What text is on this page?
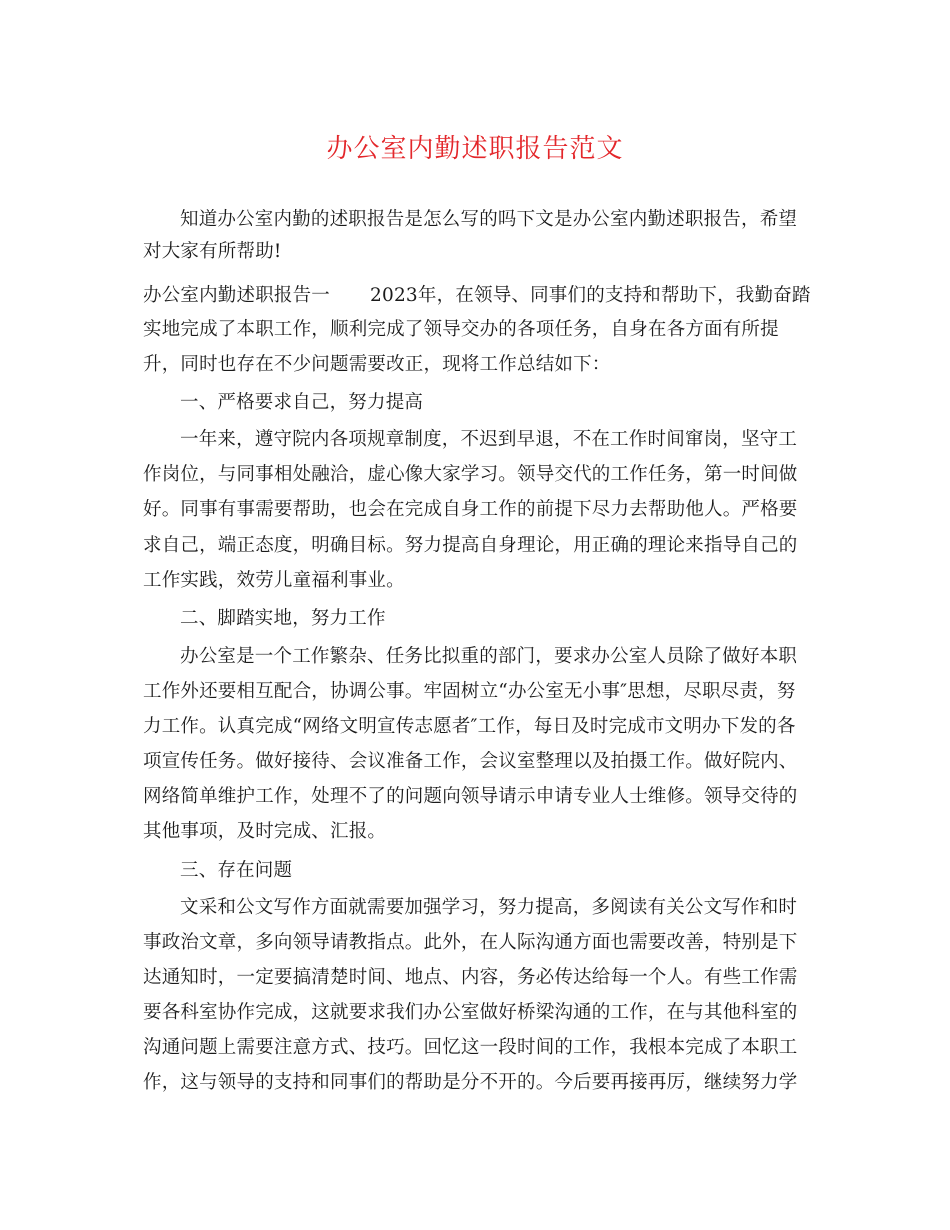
办公室内勤述职报告范文

知道办公室内勤的述职报告是怎么写的吗下文是办公室内勤述职报告，希望

对大家有所帮助!

办公室内勤述职报告一 2023年，在领导、同事们的支持和帮助下，我勤奋踏

实地完成了本职工作，顺利完成了领导交办的各项任务，自身在各方面有所提

升，同时也存在不少问题需要改正，现将工作总结如下：

一、严格要求自己，努力提高

一年来，遵守院内各项规章制度，不迟到早退，不在工作时间窜岗，坚守工

作岗位，与同事相处融洽，虚心像大家学习。领导交代的工作任务，第一时间做

好。同事有事需要帮助，也会在完成自身工作的前提下尽力去帮助他人。严格要

求自己，端正态度，明确目标。努力提高自身理论，用正确的理论来指导自己的

工作实践，效劳儿童福利事业。

二、脚踏实地，努力工作

办公室是一个工作繁杂、任务比拟重的部门，要求办公室人员除了做好本职

工作外还要相互配合，协调公事。牢固树立“办公室无小事″思想，尽职尽责，努

力工作。认真完成“网络文明宣传志愿者″工作，每日及时完成市文明办下发的各

项宣传任务。做好接待、会议准备工作，会议室整理以及拍摄工作。做好院内、

网络简单维护工作，处理不了的问题向领导请示申请专业人士维修。领导交待的

其他事项，及时完成、汇报。

三、存在问题

文采和公文写作方面就需要加强学习，努力提高，多阅读有关公文写作和时

事政治文章，多向领导请教指点。此外，在人际沟通方面也需要改善，特别是下

达通知时，一定要搞清楚时间、地点、内容，务必传达给每一个人。有些工作需

要各科室协作完成，这就要求我们办公室做好桥梁沟通的工作，在与其他科室的

沟通问题上需要注意方式、技巧。回忆这一段时间的工作，我根本完成了本职工

作，这与领导的支持和同事们的帮助是分不开的。今后要再接再厉，继续努力学
